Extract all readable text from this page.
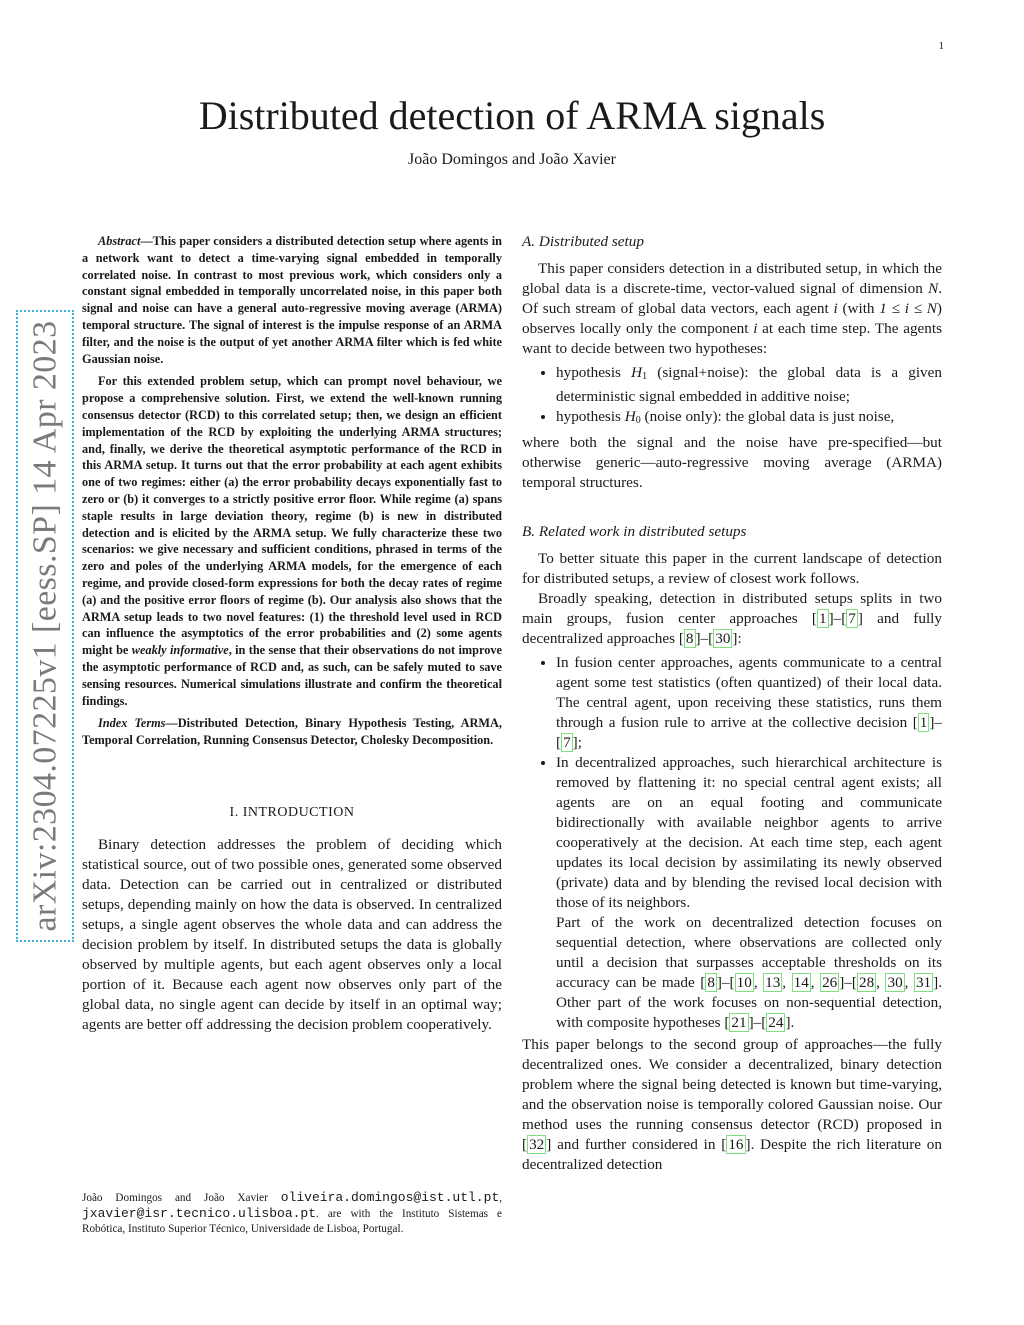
1
arXiv:2304.07225v1 [eess.SP] 14 Apr 2023
Distributed detection of ARMA signals
João Domingos and João Xavier

Abstract—This paper considers a distributed detection setup where agents in a network want to detect a time-varying signal embedded in temporally correlated noise. In contrast to most previous work, which considers only a constant signal embedded in temporally uncorrelated noise, in this paper both signal and noise can have a general auto-regressive moving average (ARMA) temporal structure. The signal of interest is the impulse response of an ARMA filter, and the noise is the output of yet another ARMA filter which is fed white Gaussian noise.

For this extended problem setup, which can prompt novel behaviour, we propose a comprehensive solution. First, we extend the well-known running consensus detector (RCD) to this correlated setup; then, we design an efficient implementation of the RCD by exploiting the underlying ARMA structures; and, finally, we derive the theoretical asymptotic performance of the RCD in this ARMA setup. It turns out that the error probability at each agent exhibits one of two regimes: either (a) the error probability decays exponentially fast to zero or (b) it converges to a strictly positive error floor. While regime (a) spans staple results in large deviation theory, regime (b) is new in distributed detection and is elicited by the ARMA setup. We fully characterize these two scenarios: we give necessary and sufficient conditions, phrased in terms of the zero and poles of the underlying ARMA models, for the emergence of each regime, and provide closed-form expressions for both the decay rates of regime (a) and the positive error floors of regime (b). Our analysis also shows that the ARMA setup leads to two novel features: (1) the threshold level used in RCD can influence the asymptotics of the error probabilities and (2) some agents might be weakly informative, in the sense that their observations do not improve the asymptotic performance of RCD and, as such, can be safely muted to save sensing resources. Numerical simulations illustrate and confirm the theoretical findings.

Index Terms—Distributed Detection, Binary Hypothesis Testing, ARMA, Temporal Correlation, Running Consensus Detector, Cholesky Decomposition.

I. INTRODUCTION

Binary detection addresses the problem of deciding which statistical source, out of two possible ones, generated some observed data. Detection can be carried out in centralized or distributed setups, depending mainly on how the data is observed. In centralized setups, a single agent observes the whole data and can address the decision problem by itself. In distributed setups the data is globally observed by multiple agents, but each agent observes only a local portion of it. Because each agent now observes only part of the global data, no single agent can decide by itself in an optimal way; agents are better off addressing the decision problem cooperatively.

João Domingos and João Xavier oliveira.domingos@ist.utl.pt, jxavier@isr.tecnico.ulisboa.pt. are with the Instituto Sistemas e Robótica, Instituto Superior Técnico, Universidade de Lisboa, Portugal.
A. Distributed setup

This paper considers detection in a distributed setup, in which the global data is a discrete-time, vector-valued signal of dimension N. Of such stream of global data vectors, each agent i (with 1 ≤ i ≤ N) observes locally only the component i at each time step. The agents want to decide between two hypotheses:

• hypothesis $H_1$ (signal+noise): the global data is a given deterministic signal embedded in additive noise;
• hypothesis $H_0$ (noise only): the global data is just noise,

where both the signal and the noise have pre-specified—but otherwise generic—auto-regressive moving average (ARMA) temporal structures.

B. Related work in distributed setups

To better situate this paper in the current landscape of detection for distributed setups, a review of closest work follows.

Broadly speaking, detection in distributed setups splits in two main groups, fusion center approaches [ 1 ]–[ 7 ] and fully decentralized approaches [ 8 ]–[ 30 ]:

• In fusion center approaches, agents communicate to a central agent some test statistics (often quantized) of their local data. The central agent, upon receiving these statistics, runs them through a fusion rule to arrive at the collective decision [ 1 ]–[ 7 ];
• In decentralized approaches, such hierarchical architecture is removed by flattening it: no special central agent exists; all agents are on an equal footing and communicate bidirectionally with available neighbor agents to arrive cooperatively at the decision. At each time step, each agent updates its local decision by assimilating its newly observed (private) data and by blending the revised local decision with those of its neighbors.
Part of the work on decentralized detection focuses on sequential detection, where observations are collected only until a decision that surpasses acceptable thresholds on its accuracy can be made [ 8 ]–[ 10 , 13 , 14 , 26 ]–[ 28 , 30 , 31 ]. Other part of the work focuses on non-sequential detection, with composite hypotheses [ 21 ]–[ 24 ].

This paper belongs to the second group of approaches—the fully decentralized ones. We consider a decentralized, binary detection problem where the signal being detected is known but time-varying, and the observation noise is temporally colored Gaussian noise. Our method uses the running consensus detector (RCD) proposed in [ 32 ] and further considered in [ 16 ]. Despite the rich literature on decentralized detection
